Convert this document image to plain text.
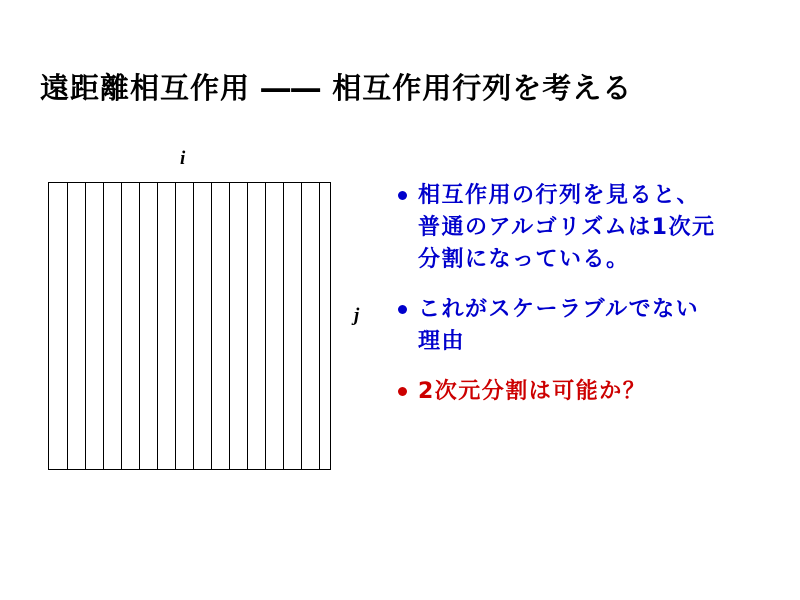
遠距離相互作用 ―― 相互作用行列を考える
i
j
相互作用の行列を見ると、普通のアルゴリズムは1次元分割になっている。
これがスケーラブルでない理由
2次元分割は可能か？
